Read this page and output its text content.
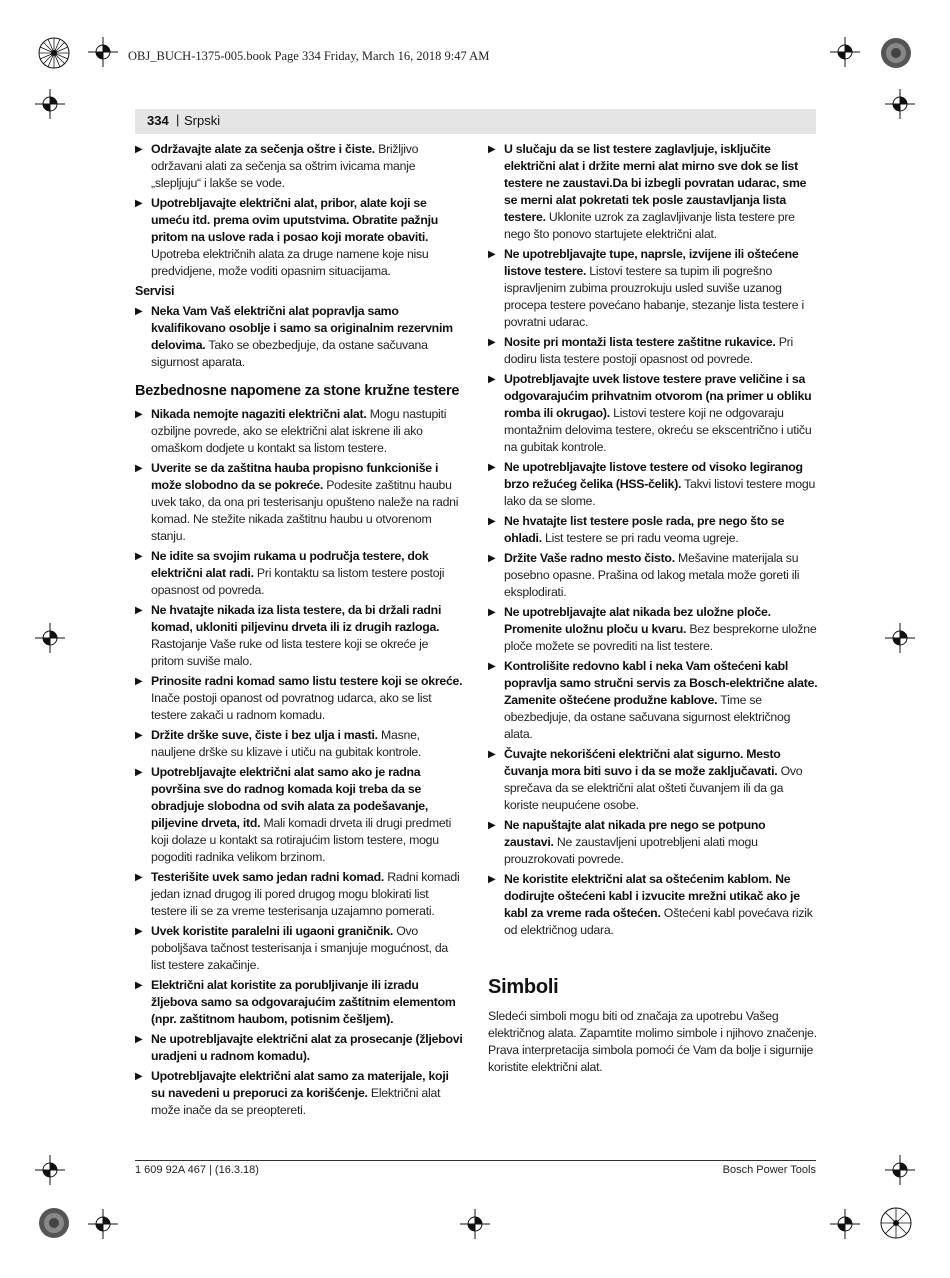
OBJ_BUCH-1375-005.book Page 334 Friday, March 16, 2018 9:47 AM
334 | Srpski
▶ Održavajte alate za sečenja oštre i čiste. Brižljivo održavani alati za sečenja sa oštrim ivicama manje „slepljuju“ i lakše se vode.
▶ Upotrebljavajte električni alat, pribor, alate koji se umeću itd. prema ovim uputstvima. Obratite pažnju pritom na uslove rada i posao koji morate obaviti. Upotreba električnih alata za druge namene koje nisu predvidjene, može voditi opasnim situacijama.
Servisi
▶ Neka Vam Vaš električni alat popravlja samo kvalifikovano osoblje i samo sa originalnim rezervnim delovima. Tako se obezbedjuje, da ostane sačuvana sigurnost aparata.
Bezbednosne napomene za stone kružne testere
▶ Nikada nemojte nagaziti električni alat. Mogu nastupiti ozbiljne povrede, ako se električni alat iskrene ili ako omaškom dodjete u kontakt sa listom testere.
▶ Uverite se da zaštitna hauba propisno funkcioniše i može slobodno da se pokreće. Podesite zaštitnu haubu uvek tako, da ona pri testerisanju opušteno naleže na radni komad. Ne stežite nikada zaštitnu haubu u otvorenom stanju.
▶ Ne idite sa svojim rukama u područja testere, dok električni alat radi. Pri kontaktu sa listom testere postoji opasnost od povreda.
▶ Ne hvatajte nikada iza lista testere, da bi držali radni komad, ukloniti piljevinu drveta ili iz drugih razloga. Rastojanje Vaše ruke od lista testere koji se okreće je pritom suviše malo.
▶ Prinosite radni komad samo listu testere koji se okreće. Inače postoji opanost od povratnog udarca, ako se list testere zakači u radnom komadu.
▶ Držite drške suve, čiste i bez ulja i masti. Masne, nauljene drške su klizave i utiču na gubitak kontrole.
▶ Upotrebljavajte električni alat samo ako je radna površina sve do radnog komada koji treba da se obradjuje slobodna od svih alata za podešavanje, piljevine drveta, itd. Mali komadi drveta ili drugi predmeti koji dolaze u kontakt sa rotirajućim listom testere, mogu pogoditi radnika velikom brzinom.
▶ Testerišite uvek samo jedan radni komad. Radni komadi jedan iznad drugog ili pored drugog mogu blokirati list testere ili se za vreme testerisanja uzajamno pomerati.
▶ Uvek koristite paralelni ili ugaoni graničnik. Ovo poboljšava tačnost testerisanja i smanjuje mogućnost, da list testere zakačinje.
▶ Električni alat koristite za porubljivanje ili izradu žljebova samo sa odgovarajućim zaštitnim elementom (npr. zaštitnom haubom, potisnim češljem).
▶ Ne upotrebljavajte električni alat za prosecanje (žljebovi uradjeni u radnom komadu).
▶ Upotrebljavajte električni alat samo za materijale, koji su navedeni u preporuci za korišćenje. Električni alat može inače da se preopteretі.
▶ U slučaju da se list testere zaglavljuje, isključite električni alat i držite merni alat mirno sve dok se list testere ne zaustavi.Da bi izbegli povratan udarac, sme se merni alat pokretati tek posle zaustavljanja lista testere. Uklonite uzrok za zaglavljivanje lista testere pre nego što ponovo startujete električni alat.
▶ Ne upotrebljavajte tupe, naprsle, izvijene ili oštećene listove testere. Listovi testere sa tupim ili pogrešno ispravljenim zubima prouzrokuju usled suviše uzanog procepa testere povećano habanje, stezanje lista testere i povratni udarac.
▶ Nosite pri montaži lista testere zaštitne rukavice. Pri dodiru lista testere postoji opasnost od povrede.
▶ Upotrebljavajte uvek listove testere prave veličine i sa odgovarajućim prihvatnim otvorom (na primer u obliku romba ili okrugao). Listovi testere koji ne odgovaraju montažnim delovima testere, okreću se ekscentrično i utiču na gubitak kontrole.
▶ Ne upotrebljavajte listove testere od visoko legiranog brzo režućeg čelika (HSS-čelik). Takvi listovi testere mogu lako da se slome.
▶ Ne hvatajte list testere posle rada, pre nego što se ohladi. List testere se pri radu veoma ugreje.
▶ Držite Vaše radno mesto čisto. Mešavine materijala su posebno opasne. Prašina od lakog metala može goreti ili eksplodirati.
▶ Ne upotrebljavajte alat nikada bez uložne ploče. Promenite uložnu ploču u kvaru. Bez besprekorne uložne ploče možete se povrediti na list testere.
▶ Kontrolišite redovno kabl i neka Vam oštećeni kabl popravlja samo stručni servis za Bosch-električne alate. Zamenite oštećene produžne kablove. Time se obezbedjuje, da ostane sačuvana sigurnost električnog alata.
▶ Čuvajte nekorišćeni električni alat sigurno. Mesto čuvanja mora biti suvo i da se može zaključavati. Ovo sprečava da se električni alat ošteti čuvanjem ili da ga koriste neupućene osobe.
▶ Ne napuštajte alat nikada pre nego se potpuno zaustavi. Ne zaustavljeni upotrebljeni alati mogu prouzrokovati povrede.
▶ Ne koristite električni alat sa oštećenim kablom. Ne dodirujte oštećeni kabl i izvucite mrežni utikač ako je kabl za vreme rada oštećen. Oštećeni kabl povećava rizik od električnog udara.
Simboli
Sledeći simboli mogu biti od značaja za upotrebu Vašeg električnog alata. Zapamtite molimo simbole i njihovo značenje. Prava interpretacija simbola pomoći će Vam da bolje i sigurnije koristite električni alat.
1 609 92A 467 | (16.3.18)	Bosch Power Tools
